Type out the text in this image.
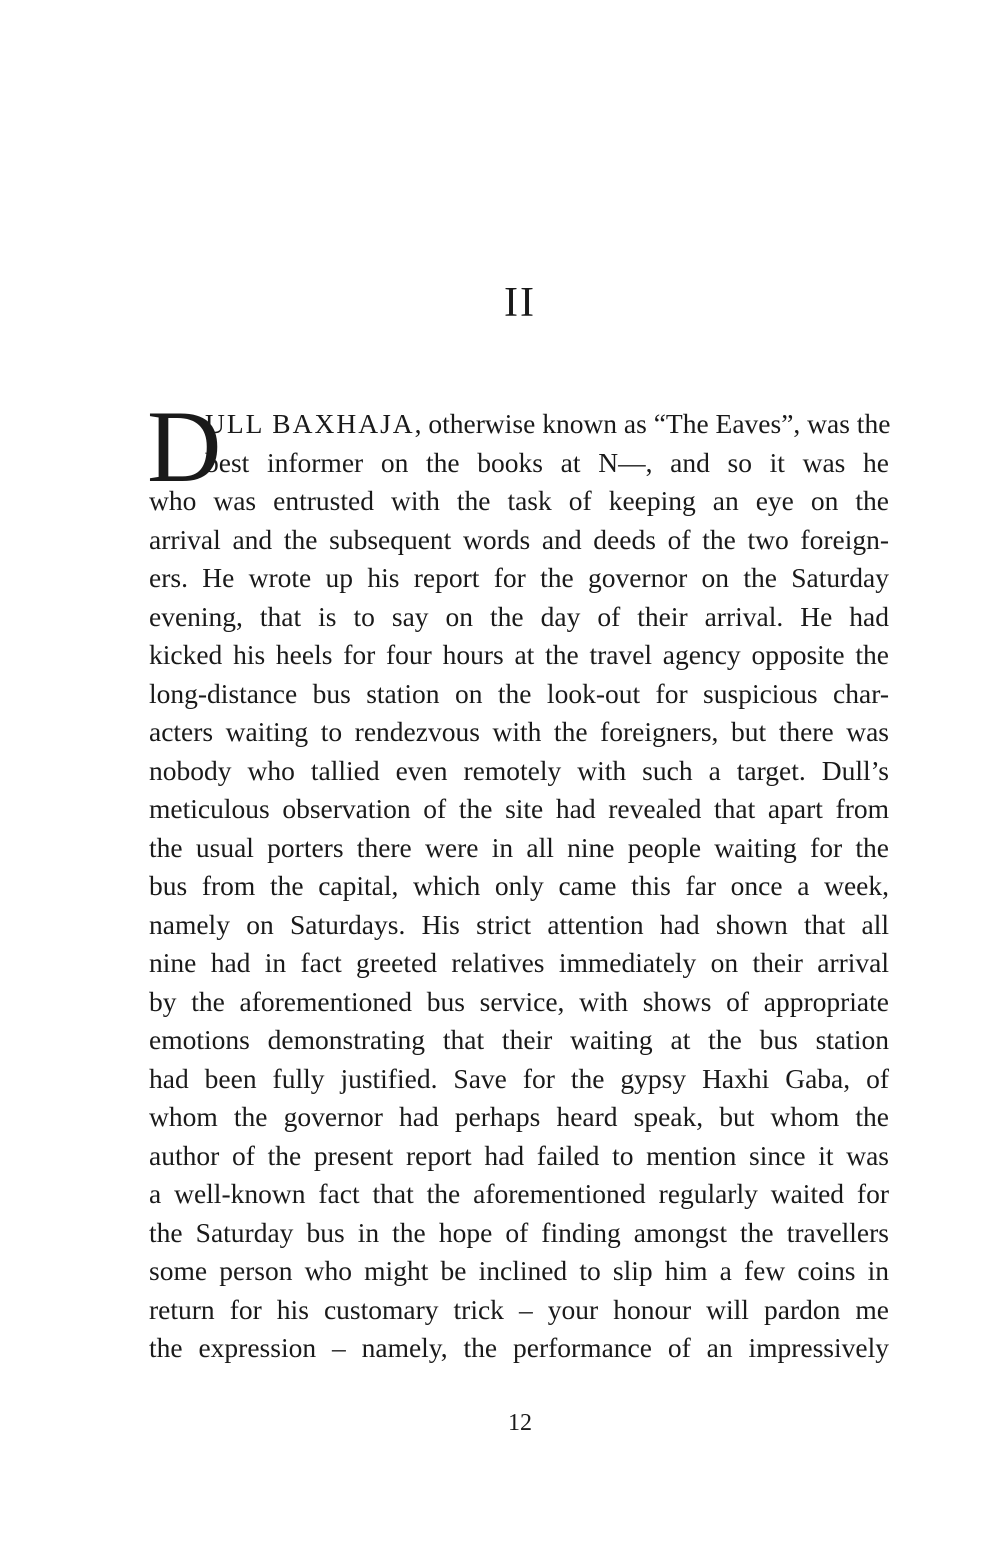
II
D
ULL BAXHAJA, otherwise known as “The Eaves”, was the
best informer on the books at N—, and so it was he
who was entrusted with the task of keeping an eye on the
arrival and the subsequent words and deeds of the two foreign-
ers. He wrote up his report for the governor on the Saturday
evening, that is to say on the day of their arrival. He had
kicked his heels for four hours at the travel agency opposite the
long-distance bus station on the look-out for suspicious char-
acters waiting to rendezvous with the foreigners, but there was
nobody who tallied even remotely with such a target. Dull’s
meticulous observation of the site had revealed that apart from
the usual porters there were in all nine people waiting for the
bus from the capital, which only came this far once a week,
namely on Saturdays. His strict attention had shown that all
nine had in fact greeted relatives immediately on their arrival
by the aforementioned bus service, with shows of appropriate
emotions demonstrating that their waiting at the bus station
had been fully justified. Save for the gypsy Haxhi Gaba, of
whom the governor had perhaps heard speak, but whom the
author of the present report had failed to mention since it was
a well-known fact that the aforementioned regularly waited for
the Saturday bus in the hope of finding amongst the travellers
some person who might be inclined to slip him a few coins in
return for his customary trick – your honour will pardon me
the expression – namely, the performance of an impressively
12
